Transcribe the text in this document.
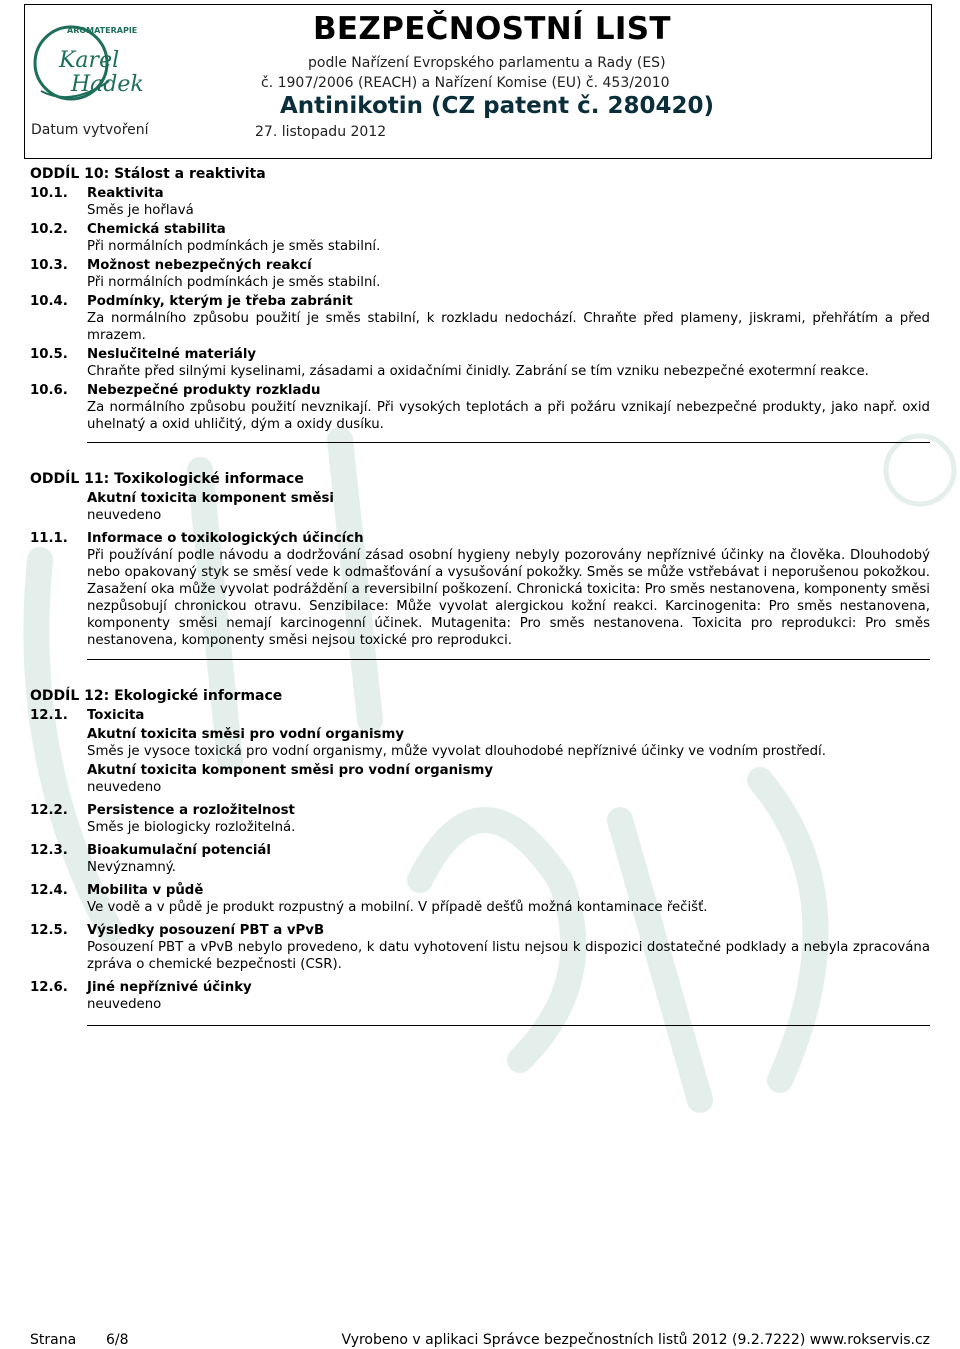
AROMATERAPIE
Karel
Hadek
BEZPEČNOSTNÍ LIST
podle Nařízení Evropského parlamentu a Rady (ES)
č. 1907/2006 (REACH) a Nařízení Komise (EU) č. 453/2010
Antinikotin (CZ patent č. 280420)
Datum vytvoření	27. listopadu 2012
ODDÍL 10: Stálost a reaktivita
10.1.	Reaktivita
Směs je hořlavá
10.2.	Chemická stabilita
Při normálních podmínkách je směs stabilní.
10.3.	Možnost nebezpečných reakcí
Při normálních podmínkách je směs stabilní.
10.4.	Podmínky, kterým je třeba zabránit
Za normálního způsobu použití je směs stabilní, k rozkladu nedochází. Chraňte před plameny, jiskrami, přehřátím a před mrazem.
10.5.	Neslučitelné materiály
Chraňte před silnými kyselinami, zásadami a oxidačními činidly. Zabrání se tím vzniku nebezpečné exotermní reakce.
10.6.	Nebezpečné produkty rozkladu
Za normálního způsobu použití nevznikají. Při vysokých teplotách a při požáru vznikají nebezpečné produkty, jako např. oxid uhelnatý a oxid uhličitý, dým a oxidy dusíku.
ODDÍL 11: Toxikologické informace
Akutní toxicita komponent směsi
neuvedeno
11.1.	Informace o toxikologických účincích
Při používání podle návodu a dodržování zásad osobní hygieny nebyly pozorovány nepříznivé účinky na člověka. Dlouhodobý nebo opakovaný styk se směsí vede k odmašťování a vysušování pokožky. Směs se může vstřebávat i neporušenou pokožkou. Zasažení oka může vyvolat podráždění a reversibilní poškození. Chronická toxicita: Pro směs nestanovena, komponenty směsi nezpůsobují chronickou otravu. Senzibilace: Může vyvolat alergickou kožní reakci. Karcinogenita: Pro směs nestanovena, komponenty směsi nemají karcinogenní účinek. Mutagenita: Pro směs nestanovena. Toxicita pro reprodukci: Pro směs nestanovena, komponenty směsi nejsou toxické pro reprodukci.
ODDÍL 12: Ekologické informace
12.1.	Toxicita
Akutní toxicita směsi pro vodní organismy
Směs je vysoce toxická pro vodní organismy, může vyvolat dlouhodobé nepříznivé účinky ve vodním prostředí.
Akutní toxicita komponent směsi pro vodní organismy
neuvedeno
12.2.	Persistence a rozložitelnost
Směs je biologicky rozložitelná.
12.3.	Bioakumulační potenciál
Nevýznamný.
12.4.	Mobilita v půdě
Ve vodě a v půdě je produkt rozpustný a mobilní. V případě dešťů možná kontaminace řečišť.
12.5.	Výsledky posouzení PBT a vPvB
Posouzení PBT a vPvB nebylo provedeno, k datu vyhotovení listu nejsou k dispozici dostatečné podklady a nebyla zpracována zpráva o chemické bezpečnosti (CSR).
12.6.	Jiné nepříznivé účinky
neuvedeno
Strana 6/8	Vyrobeno v aplikaci Správce bezpečnostních listů 2012 (9.2.7222) www.rokservis.cz
